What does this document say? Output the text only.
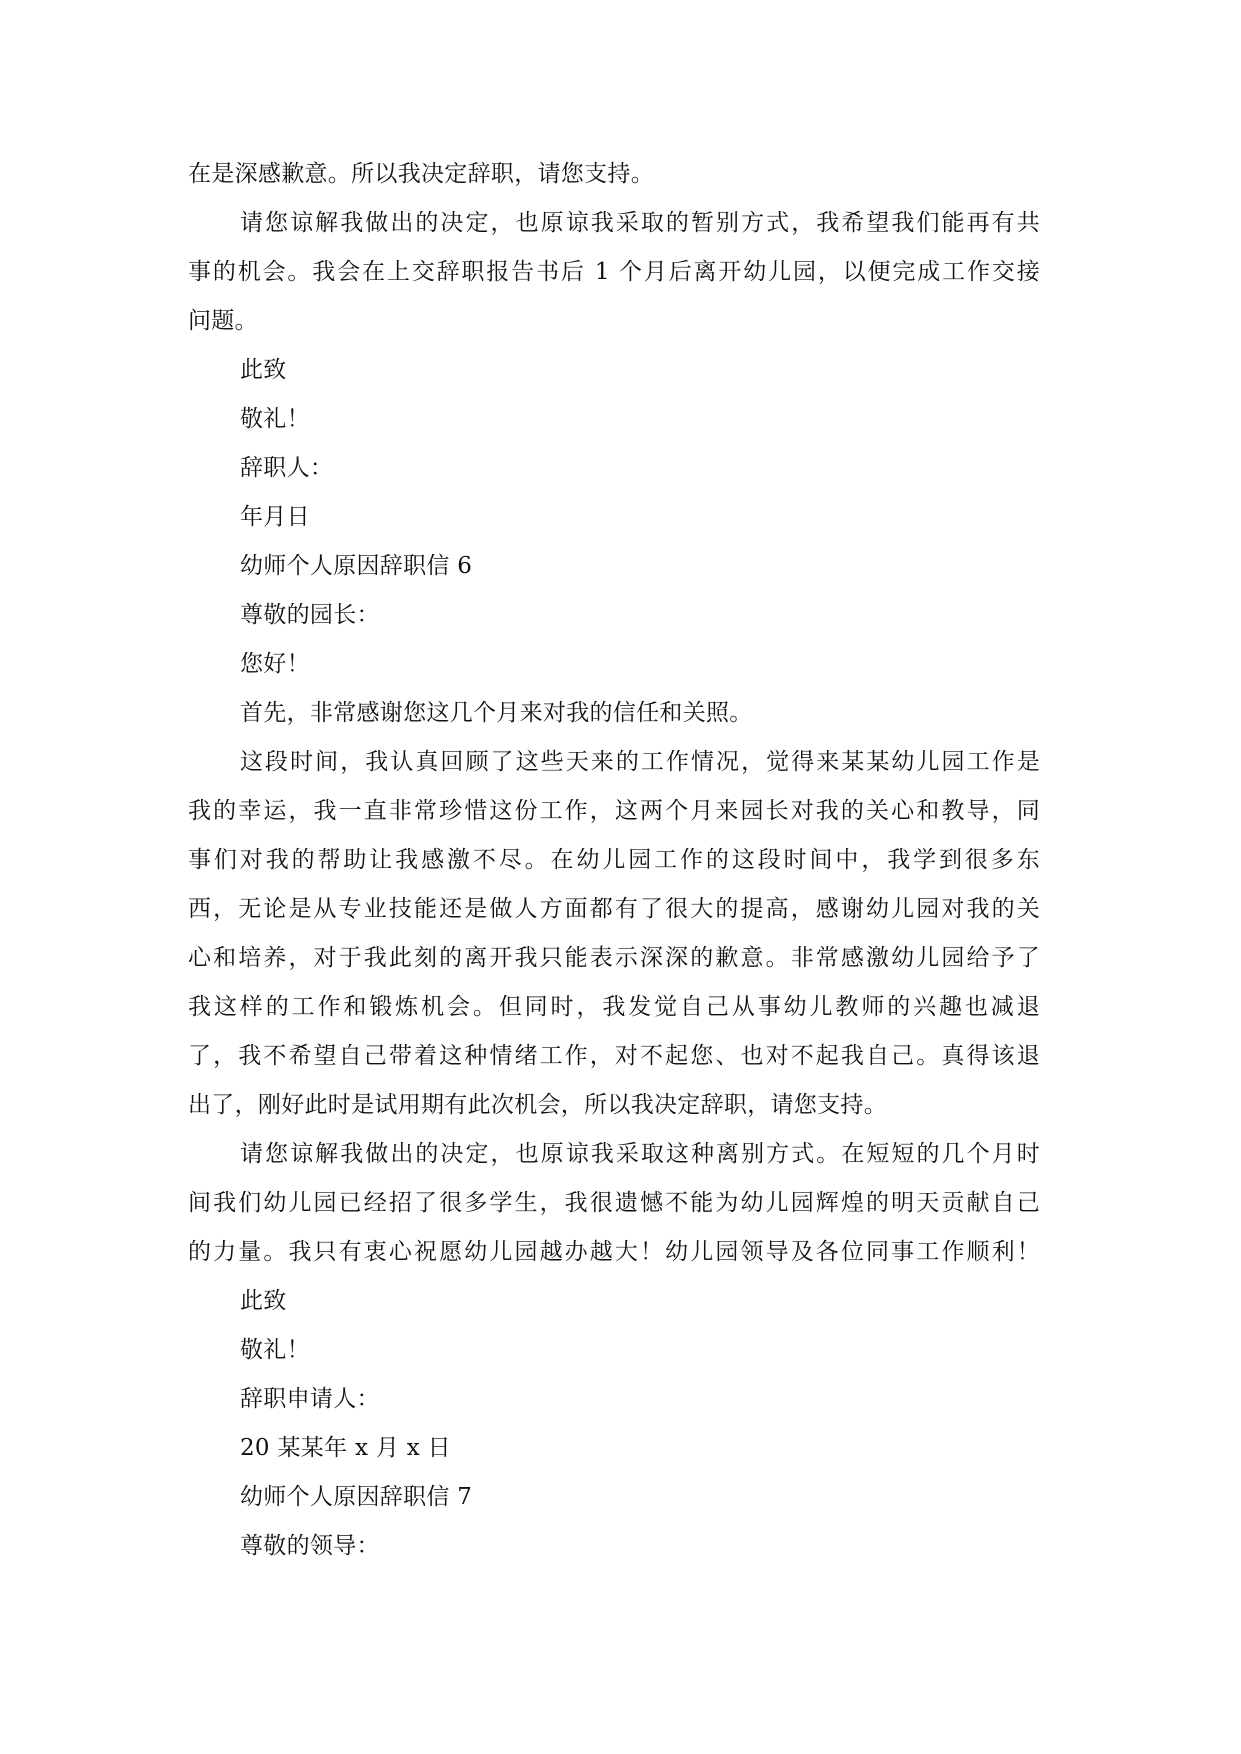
在是深感歉意。所以我决定辞职，请您支持。
请您谅解我做出的决定，也原谅我采取的暂别方式，我希望我们能再有共
事的机会。我会在上交辞职报告书后 1 个月后离开幼儿园，以便完成工作交接
问题。
此致
敬礼！
辞职人：
年月日
幼师个人原因辞职信 6
尊敬的园长：
您好！
首先，非常感谢您这几个月来对我的信任和关照。
这段时间，我认真回顾了这些天来的工作情况，觉得来某某幼儿园工作是
我的幸运，我一直非常珍惜这份工作，这两个月来园长对我的关心和教导，同
事们对我的帮助让我感激不尽。在幼儿园工作的这段时间中，我学到很多东
西，无论是从专业技能还是做人方面都有了很大的提高，感谢幼儿园对我的关
心和培养，对于我此刻的离开我只能表示深深的歉意。非常感激幼儿园给予了
我这样的工作和锻炼机会。但同时，我发觉自己从事幼儿教师的兴趣也减退
了，我不希望自己带着这种情绪工作，对不起您、也对不起我自己。真得该退
出了，刚好此时是试用期有此次机会，所以我决定辞职，请您支持。
请您谅解我做出的决定，也原谅我采取这种离别方式。在短短的几个月时
间我们幼儿园已经招了很多学生，我很遗憾不能为幼儿园辉煌的明天贡献自己
的力量。我只有衷心祝愿幼儿园越办越大！幼儿园领导及各位同事工作顺利！
此致
敬礼！
辞职申请人：
20 某某年 x 月 x 日
幼师个人原因辞职信 7
尊敬的领导：
